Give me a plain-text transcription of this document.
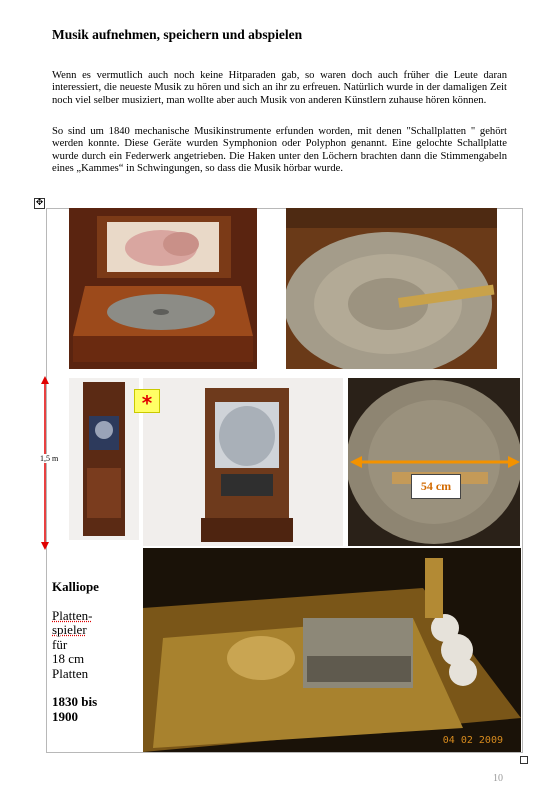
Musik aufnehmen, speichern und abspielen

Wenn es vermutlich auch noch keine Hitparaden gab, so waren doch auch früher die Leute daran interessiert, die neueste Musik zu hören und sich an ihr zu erfreuen. Natürlich wurde in der damaligen Zeit noch viel selber musiziert, man wollte aber auch Musik von anderen Künstlern zuhause hören können.

So sind um 1840 mechanische Musikinstrumente erfunden worden, mit denen "Schallplatten " gehört werden konnte. Diese Geräte wurden Symphonion oder Polyphon genannt. Eine gelochte Schallplatte wurde durch ein Federwerk angetrieben. Die Haken unter den Löchern brachten dann die Stimmengabeln eines „Kammes“ in Schwingungen, so dass die Musik hörbar wurde.

✥
1,5 m
*
54 cm
04 02 2009
Kalliope
Platten-
spieler
für
18 cm
Platten
1830 bis
1900
10
